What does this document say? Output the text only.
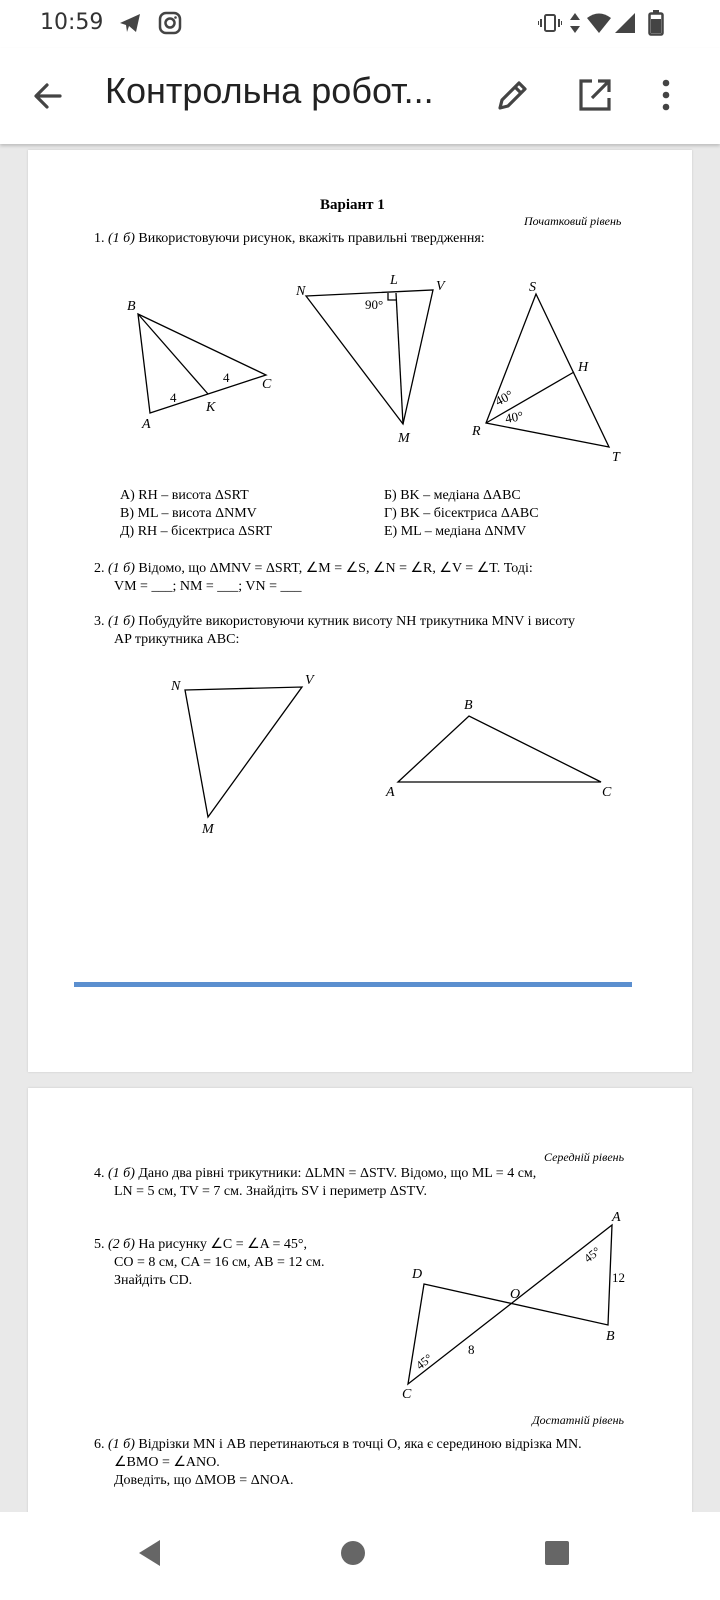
10:59
Контрольна робот...
Варіант 1
Початковий рівень
1. (1 б) Використовуючи рисунок, вкажіть правильні твердження:
B
A
K
C
4
4
N
L	V
M
90°
S
H
R
T
40°
40°
А) RH – висота ΔSRT	Б) BK – медіана ΔABC
В) ML – висота ΔNMV	Г) BK – бісектриса ΔABC
Д) RH – бісектриса ΔSRT	Е) ML – медіана ΔNMV
2. (1 б) Відомо, що ΔMNV = ΔSRT, ∠M = ∠S, ∠N = ∠R, ∠V = ∠T. Тоді:
VM = ___; NM = ___; VN = ___
3. (1 б) Побудуйте використовуючи кутник висоту NH трикутника MNV і висоту
AP трикутника ABC:
N	V
M
B
A	C
Середній рівень
4. (1 б) Дано два рівні трикутники: ΔLMN = ΔSTV. Відомо, що ML = 4 см,
LN = 5 см, TV = 7 см. Знайдіть SV і периметр ΔSTV.
5. (2 б) На рисунку ∠C = ∠A = 45°,
CO = 8 см, CA = 16 см, AB = 12 см.
Знайдіть CD.
A
D
O
B
C
12
8
45°
45°
Достатній рівень
6. (1 б) Відрізки MN і AB перетинаються в точці O, яка є серединою відрізка MN.
∠BMO = ∠ANO.
Доведіть, що ΔMOB = ΔNOA.
